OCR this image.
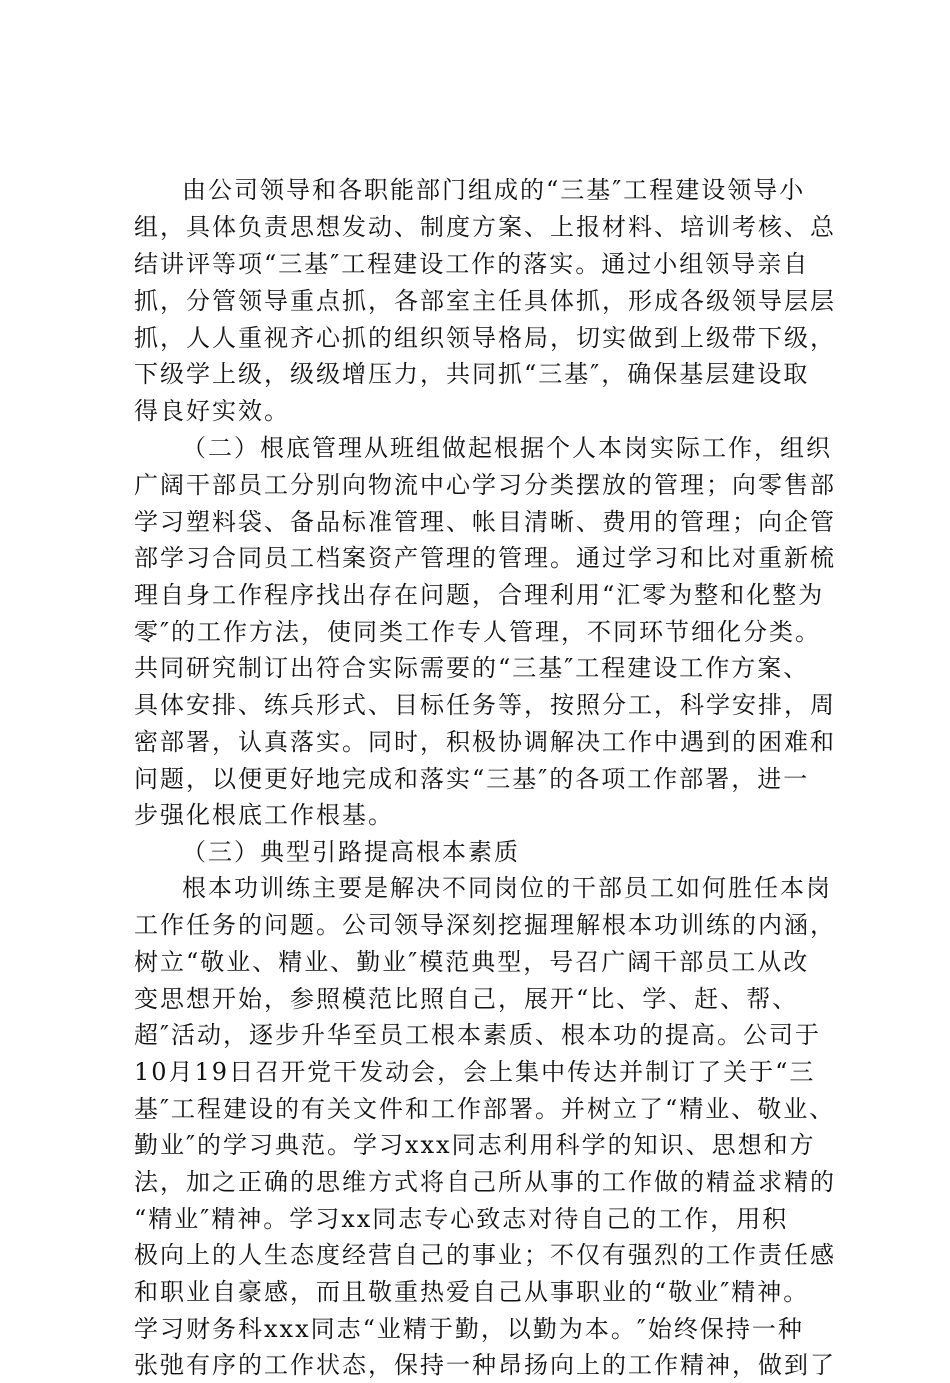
由公司领导和各职能部门组成的“三基″工程建设领导小
组，具体负责思想发动、制度方案、上报材料、培训考核、总
结讲评等项“三基″工程建设工作的落实。通过小组领导亲自
抓，分管领导重点抓，各部室主任具体抓，形成各级领导层层
抓，人人重视齐心抓的组织领导格局，切实做到上级带下级，
下级学上级，级级增压力，共同抓“三基″，确保基层建设取
得良好实效。
（二）根底管理从班组做起根据个人本岗实际工作，组织
广阔干部员工分别向物流中心学习分类摆放的管理；向零售部
学习塑料袋、备品标准管理、帐目清晰、费用的管理；向企管
部学习合同员工档案资产管理的管理。通过学习和比对重新梳
理自身工作程序找出存在问题，合理利用“汇零为整和化整为
零″的工作方法，使同类工作专人管理，不同环节细化分类。
共同研究制订出符合实际需要的“三基″工程建设工作方案、
具体安排、练兵形式、目标任务等，按照分工，科学安排，周
密部署，认真落实。同时，积极协调解决工作中遇到的困难和
问题，以便更好地完成和落实“三基″的各项工作部署，进一
步强化根底工作根基。
（三）典型引路提高根本素质
根本功训练主要是解决不同岗位的干部员工如何胜任本岗
工作任务的问题。公司领导深刻挖掘理解根本功训练的内涵，
树立“敬业、精业、勤业″模范典型，号召广阔干部员工从改
变思想开始，参照模范比照自己，展开“比、学、赶、帮、
超″活动，逐步升华至员工根本素质、根本功的提高。公司于
10月19日召开党干发动会，会上集中传达并制订了关于“三
基″工程建设的有关文件和工作部署。并树立了“精业、敬业、
勤业″的学习典范。学习xxx同志利用科学的知识、思想和方
法，加之正确的思维方式将自己所从事的工作做的精益求精的
“精业″精神。学习xx同志专心致志对待自己的工作，用积
极向上的人生态度经营自己的事业；不仅有强烈的工作责任感
和职业自豪感，而且敬重热爱自己从事职业的“敬业″精神。
学习财务科xxx同志“业精于勤，以勤为本。″始终保持一种
张弛有序的工作状态，保持一种昂扬向上的工作精神，做到了
